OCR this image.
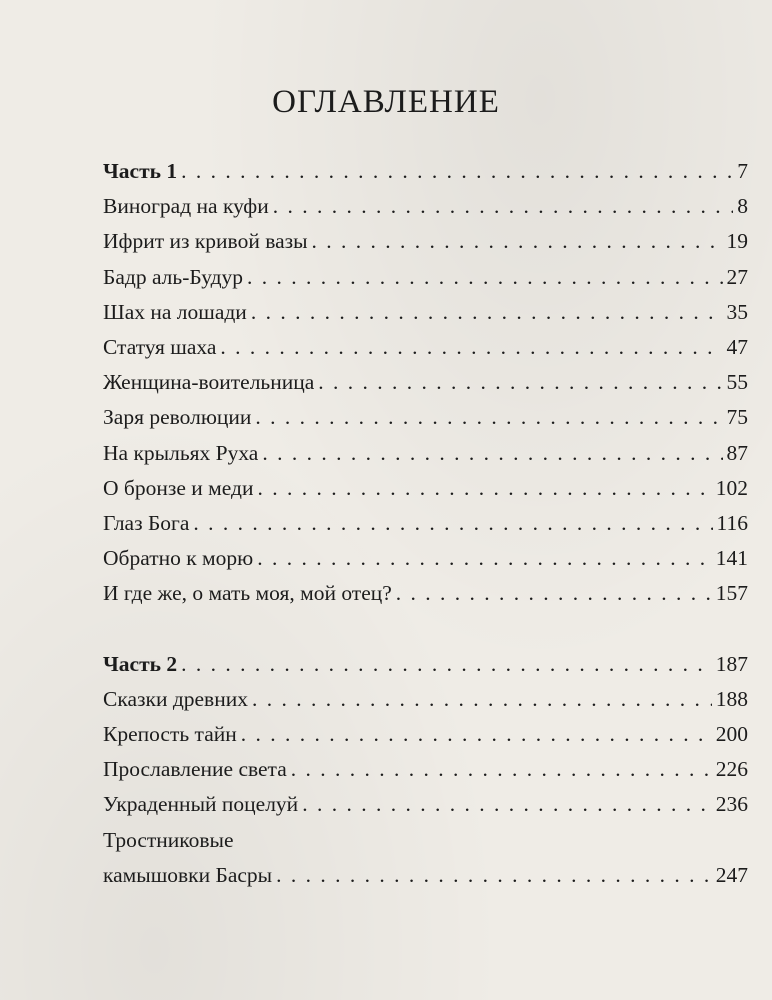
ОГЛАВЛЕНИЕ
Часть 1 . . .	7
Виноград на куфи . . .	8
Ифрит из кривой вазы . . .	19
Бадр аль-Будур . . .	27
Шах на лошади . . .	35
Статуя шаха . . .	47
Женщина-воительница . . .	55
Заря революции . . .	75
На крыльях Руха . . .	87
О бронзе и меди . . .	102
Глаз Бога . . .	116
Обратно к морю . . .	141
И где же, о мать моя, мой отец? . . .	157
Часть 2 . . .	187
Сказки древних . . .	188
Крепость тайн . . .	200
Прославление света . . .	226
Украденный поцелуй . . .	236
Тростниковые
камышовки Басры . . .	247
